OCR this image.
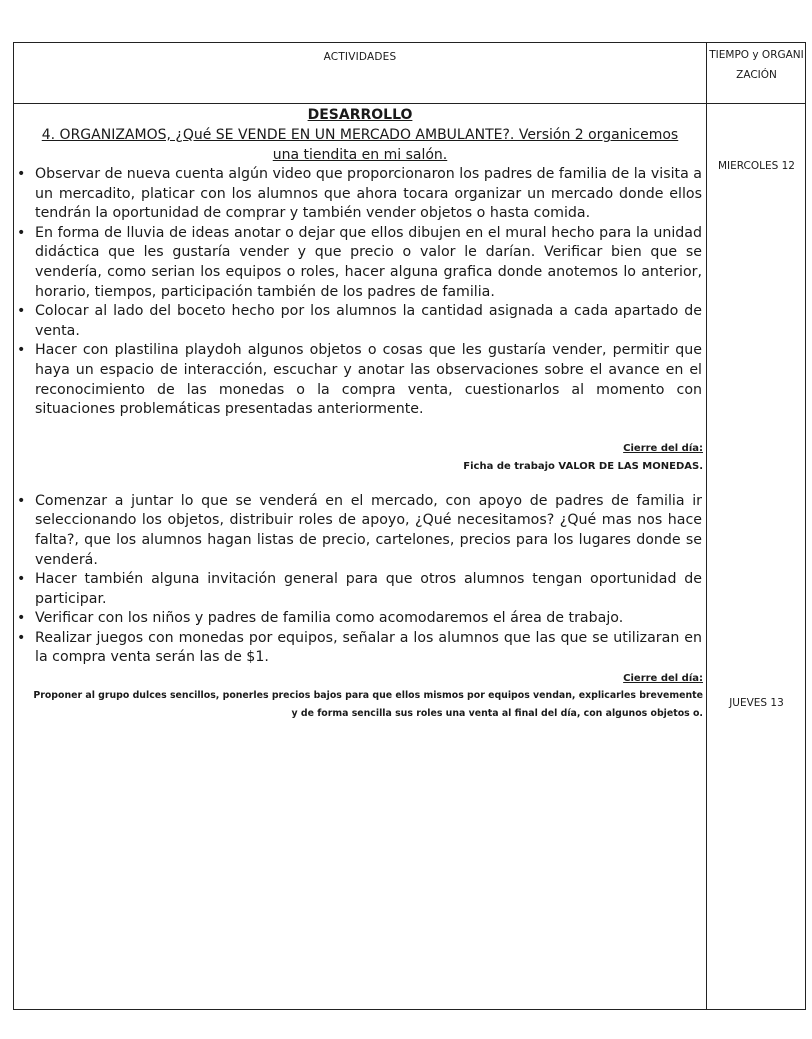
ACTIVIDADES	TIEMPO y ORGANIZACIÓN
MIERCOLES 12
JUEVES 13
DESARROLLO
4. ORGANIZAMOS, ¿Qué SE VENDE EN UN MERCADO AMBULANTE?. Versión 2 organicemos una tiendita en mi salón.
• Observar de nueva cuenta algún video que proporcionaron los padres de familia de la visita a un mercadito, platicar con los alumnos que ahora tocara organizar un mercado donde ellos tendrán la oportunidad de comprar y también vender objetos o hasta comida.
• En forma de lluvia de ideas anotar o dejar que ellos dibujen en el mural hecho para la unidad didáctica que les gustaría vender y que precio o valor le darían. Verificar bien que se vendería, como serian los equipos o roles, hacer alguna grafica donde anotemos lo anterior, horario, tiempos, participación también de los padres de familia.
• Colocar al lado del boceto hecho por los alumnos la cantidad asignada a cada apartado de venta.
• Hacer con plastilina playdoh algunos objetos o cosas que les gustaría vender, permitir que haya un espacio de interacción, escuchar y anotar las observaciones sobre el avance en el reconocimiento de las monedas o la compra venta, cuestionarlos al momento con situaciones problemáticas presentadas anteriormente.
Cierre del día:
Ficha de trabajo VALOR DE LAS MONEDAS.
• Comenzar a juntar lo que se venderá en el mercado, con apoyo de padres de familia ir seleccionando los objetos, distribuir roles de apoyo, ¿Qué necesitamos? ¿Qué mas nos hace falta?, que los alumnos hagan listas de precio, cartelones, precios para los lugares donde se venderá.
• Hacer también alguna invitación general para que otros alumnos tengan oportunidad de participar.
• Verificar con los niños y padres de familia como acomodaremos el área de trabajo.
• Realizar juegos con monedas por equipos, señalar a los alumnos que las que se utilizaran en la compra venta serán las de $1.
Cierre del día:
Proponer al grupo dulces sencillos, ponerles precios bajos para que ellos mismos por equipos vendan, explicarles brevemente y de forma sencilla sus roles una venta al final del día, con algunos objetos o.
